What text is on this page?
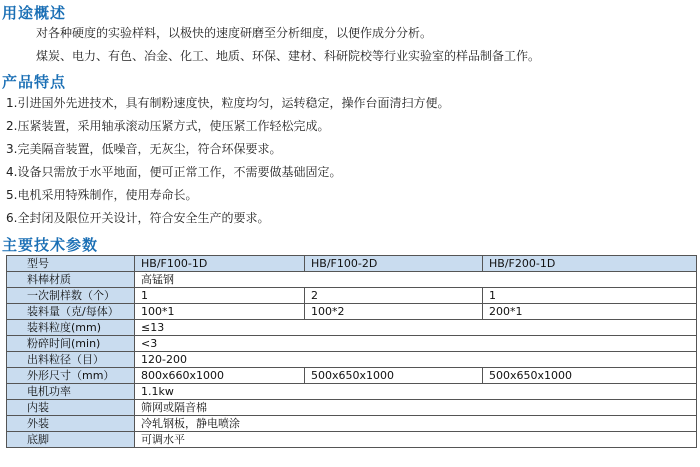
用途概述
对各种硬度的实验样料，以极快的速度研磨至分析细度，以便作成分分析。
煤炭、电力、有色、冶金、化工、地质、环保、建材、科研院校等行业实验室的样品制备工作。
产品特点
1.引进国外先进技术，具有制粉速度快，粒度均匀，运转稳定，操作台面清扫方便。
2.压紧装置，采用轴承滚动压紧方式，使压紧工作轻松完成。
3.完美隔音装置，低噪音，无灰尘，符合环保要求。
4.设备只需放于水平地面，便可正常工作，不需要做基础固定。
5.电机采用特殊制作，使用寿命长。
6.全封闭及限位开关设计，符合安全生产的要求。
主要技术参数
型号	HB/F100-1D	HB/F100-2D	HB/F200-1D
料棒材质	高锰钢		
一次制样数（个）	1	2	1
装料量（克/每体）	100*1	100*2	200*1
装料粒度(mm)	≤13		
粉碎时间(min)	<3		
出料粒径（目）	120-200		
外形尺寸（mm）	800x660x1000	500x650x1000	500x650x1000
电机功率	1.1kw		
内装	筛网或隔音棉		
外装	冷轧钢板，静电喷涂		
底脚	可调水平		
